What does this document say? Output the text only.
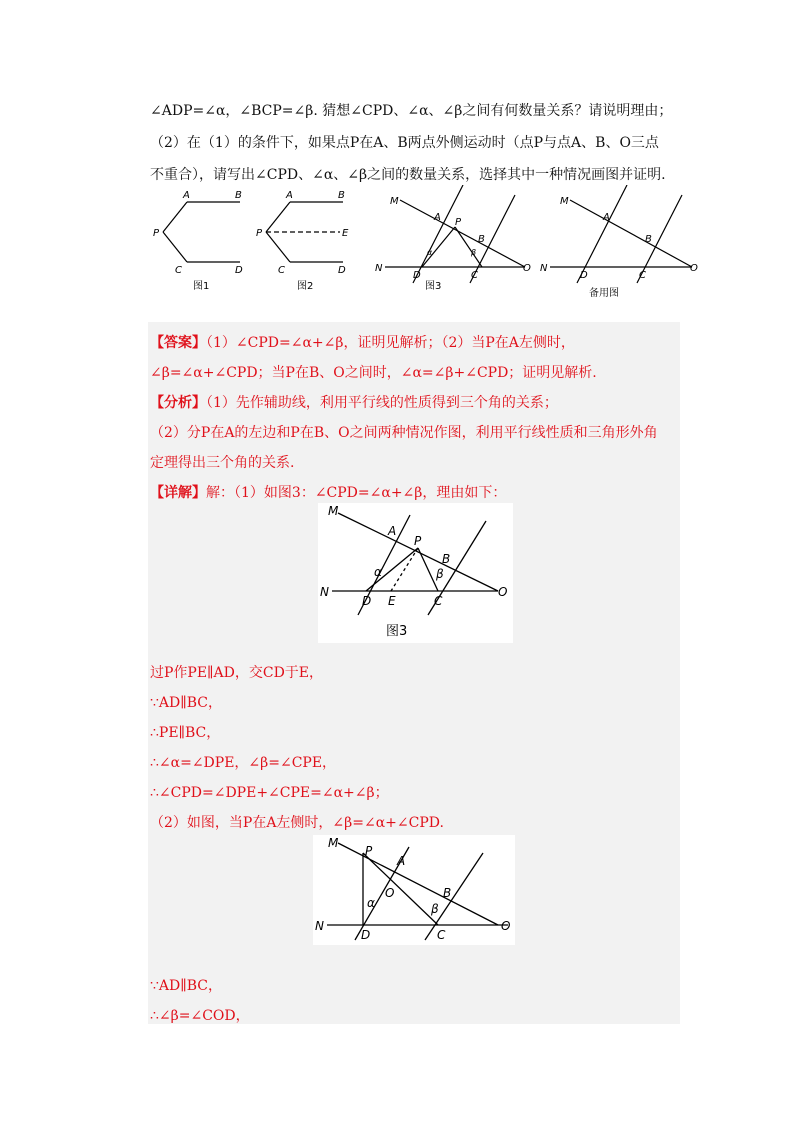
∠ADP=∠α，∠BCP=∠β. 猜想∠CPD、∠α、∠β之间有何数量关系？请说明理由；
（2）在（1）的条件下，如果点P在A、B两点外侧运动时（点P与点A、B、O三点
不重合），请写出∠CPD、∠α、∠β之间的数量关系，选择其中一种情况画图并证明.
A	B
P
C	D
A	B
P	E
C	D
M
A P
B
N
D	C
O
α	β
M
A
B
N
D	C
O
图1	图2	图3
备用图
【答案】（1）∠CPD=∠α+∠β，证明见解析；（2）当P在A左侧时，
∠β=∠α+∠CPD；当P在B、O之间时，∠α=∠β+∠CPD；证明见解析.
【分析】（1）先作辅助线，利用平行线的性质得到三个角的关系；
（2）分P在A的左边和P在B、O之间两种情况作图，利用平行线性质和三角形外角
定理得出三个角的关系.
【详解】解：（1）如图3：∠CPD=∠α+∠β，理由如下：
M
A
P
B
N
D E	C
O
α	β
图3
过P作PE∥AD，交CD于E，
∵AD∥BC，
∴PE∥BC，
∴∠α=∠DPE，∠β=∠CPE，
∴∠CPD=∠DPE+∠CPE=∠α+∠β；
（2）如图，当P在A左侧时，∠β=∠α+∠CPD.
M
P
A
O	B
N
D	C
O
α	β
∵AD∥BC，
∴∠β=∠COD，
